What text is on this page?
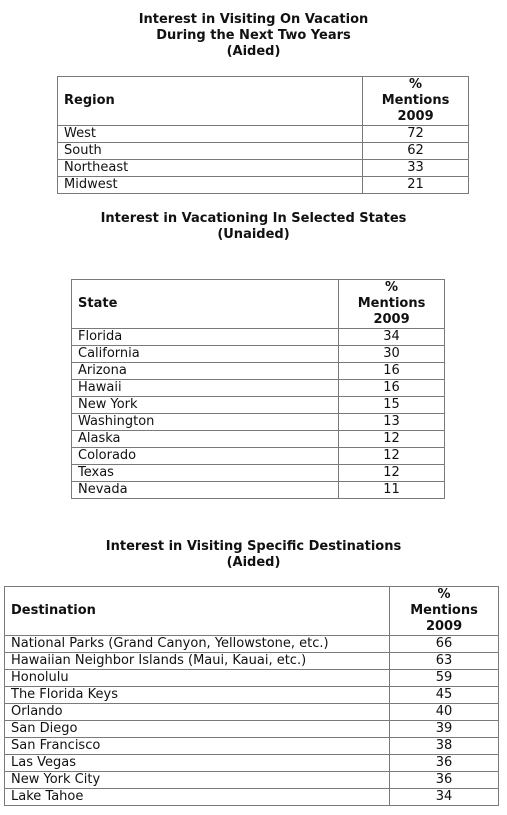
Interest in Visiting On Vacation
During the Next Two Years
(Aided)
Region	%
Mentions
2009

West	72
South	62
Northeast	33
Midwest	21
Interest in Vacationing In Selected States
(Unaided)
State	%
Mentions
2009

Florida	34
California	30
Arizona	16
Hawaii	16
New York	15
Washington	13
Alaska	12
Colorado	12
Texas	12
Nevada	11
Interest in Visiting Specific Destinations
(Aided)
Destination	%
Mentions
2009

National Parks (Grand Canyon, Yellowstone, etc.)	66
Hawaiian Neighbor Islands (Maui, Kauai, etc.)	63
Honolulu	59
The Florida Keys	45
Orlando	40
San Diego	39
San Francisco	38
Las Vegas	36
New York City	36
Lake Tahoe	34
